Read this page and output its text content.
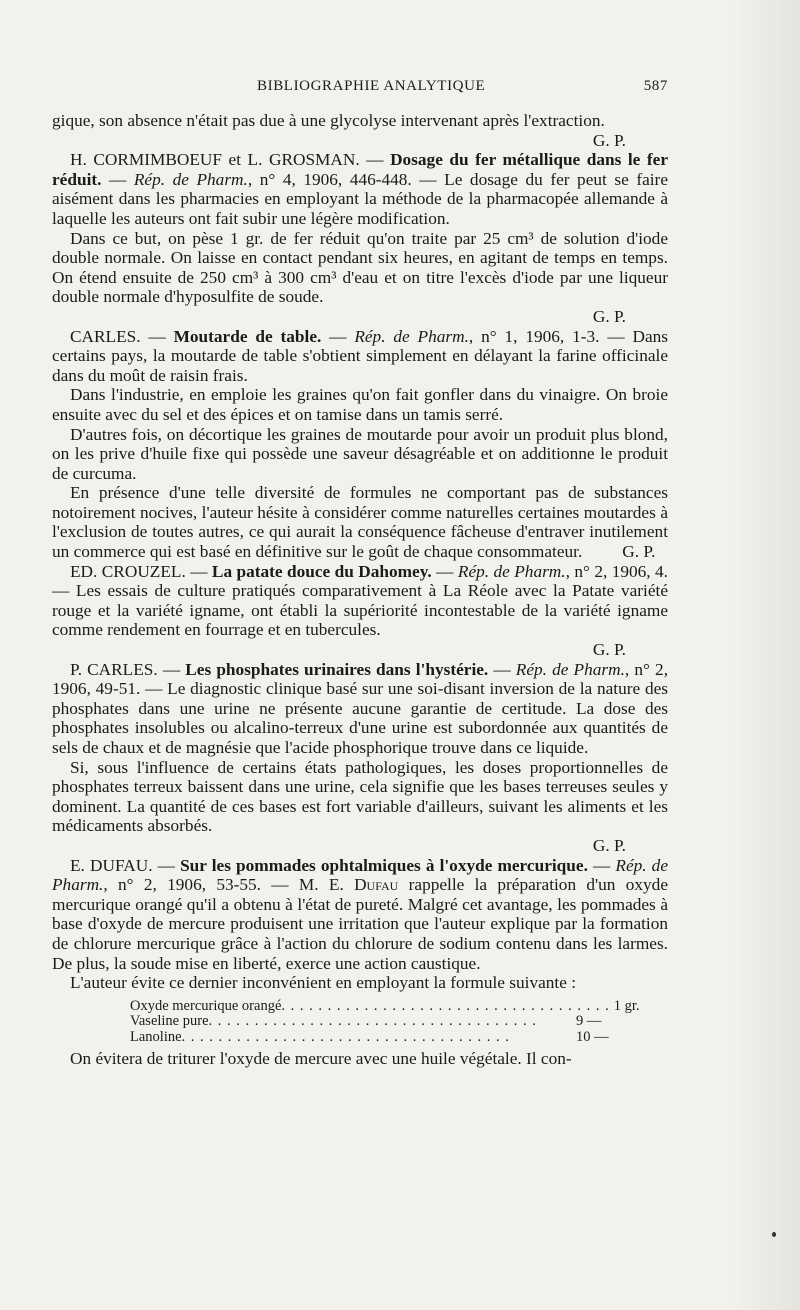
BIBLIOGRAPHIE ANALYTIQUE	587

gique, son absence n'était pas due à une glycolyse intervenant après l'extraction.

G. P.

H. CORMIMBOEUF et L. GROSMAN. — Dosage du fer métallique dans le fer réduit. — Rép. de Pharm., n° 4, 1906, 446-448. — Le dosage du fer peut se faire aisément dans les pharmacies en employant la méthode de la pharmacopée allemande à laquelle les auteurs ont fait subir une légère modification.

Dans ce but, on pèse 1 gr. de fer réduit qu'on traite par 25 cm³ de solution d'iode double normale. On laisse en contact pendant six heures, en agitant de temps en temps. On étend ensuite de 250 cm³ à 300 cm³ d'eau et on titre l'excès d'iode par une liqueur double normale d'hyposulfite de soude.

G. P.

CARLES. — Moutarde de table. — Rép. de Pharm., n° 1, 1906, 1-3. — Dans certains pays, la moutarde de table s'obtient simplement en délayant la farine officinale dans du moût de raisin frais.

Dans l'industrie, en emploie les graines qu'on fait gonfler dans du vinaigre. On broie ensuite avec du sel et des épices et on tamise dans un tamis serré.

D'autres fois, on décortique les graines de moutarde pour avoir un produit plus blond, on les prive d'huile fixe qui possède une saveur désagréable et on additionne le produit de curcuma.

En présence d'une telle diversité de formules ne comportant pas de substances notoirement nocives, l'auteur hésite à considérer comme naturelles certaines moutardes à l'exclusion de toutes autres, ce qui aurait la conséquence fâcheuse d'entraver inutilement un commerce qui est basé en définitive sur le goût de chaque consommateur. G. P.

ED. CROUZEL. — La patate douce du Dahomey. — Rép. de Pharm., n° 2, 1906, 4. — Les essais de culture pratiqués comparativement à La Réole avec la Patate variété rouge et la variété igname, ont établi la supériorité incontestable de la variété igname comme rendement en fourrage et en tubercules.

G. P.

P. CARLES. — Les phosphates urinaires dans l'hystérie. — Rép. de Pharm., n° 2, 1906, 49-51. — Le diagnostic clinique basé sur une soi-disant inversion de la nature des phosphates dans une urine ne présente aucune garantie de certitude. La dose des phosphates insolubles ou alcalino-terreux d'une urine est subordonnée aux quantités de sels de chaux et de magnésie que l'acide phosphorique trouve dans ce liquide.

Si, sous l'influence de certains états pathologiques, les doses proportionnelles de phosphates terreux baissent dans une urine, cela signifie que les bases terreuses seules y dominent. La quantité de ces bases est fort variable d'ailleurs, suivant les aliments et les médicaments absorbés.

G. P.

E. DUFAU. — Sur les pommades ophtalmiques à l'oxyde mercurique. — Rép. de Pharm., n° 2, 1906, 53-55. — M. E. Dufau rappelle la préparation d'un oxyde mercurique orangé qu'il a obtenu à l'état de pureté. Malgré cet avantage, les pommades à base d'oxyde de mercure produisent une irritation que l'auteur explique par la formation de chlorure mercurique grâce à l'action du chlorure de sodium contenu dans les larmes. De plus, la soude mise en liberté, exerce une action caustique.

L'auteur évite ce dernier inconvénient en employant la formule suivante :

Oxyde mercurique orangé . . . . . . . . . . . . . . . . . . . . . . . . . . . . . . . . . . . . 1 gr.
Vaseline pure . . . . . . . . . . . . . . . . . . . . . . . . . . . . . . . . . . . .	9 —
Lanoline . . . . . . . . . . . . . . . . . . . . . . . . . . . . . . . . . . . .	10 —

On évitera de triturer l'oxyde de mercure avec une huile végétale. Il con-
